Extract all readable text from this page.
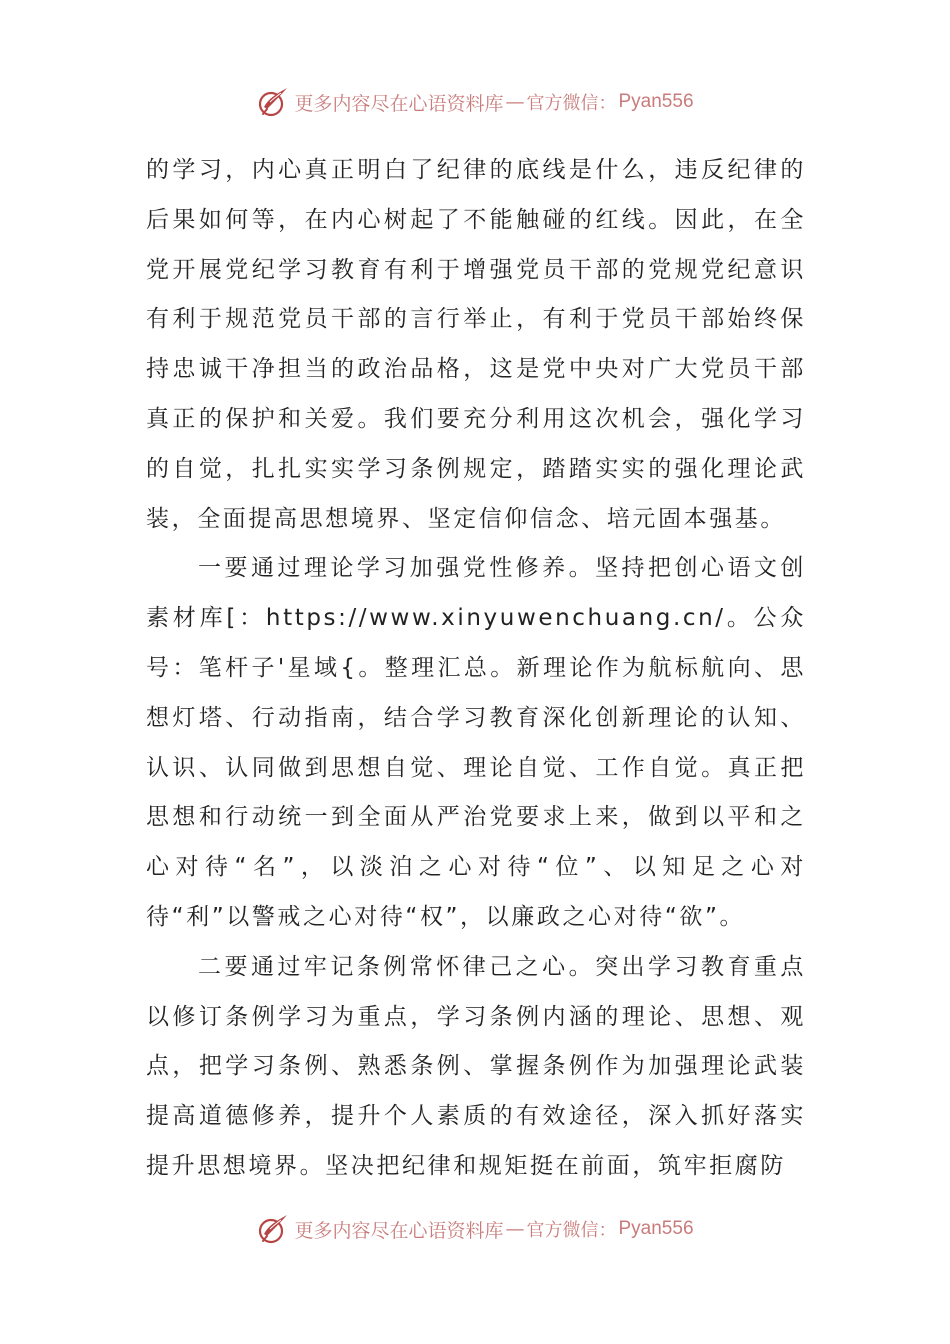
更多内容尽在心语资料库 — 官方微信： Pyan556

的学习，内心真正明白了纪律的底线是什么，违反纪律的后果如何等，在内心树起了不能触碰的红线。因此，在全党开展党纪学习教育有利于增强党员干部的党规党纪意识有利于规范党员干部的言行举止，有利于党员干部始终保持忠诚干净担当的政治品格，这是党中央对广大党员干部真正的保护和关爱。我们要充分利用这次机会，强化学习的自觉，扎扎实实学习条例规定，踏踏实实的强化理论武装，全面提高思想境界、坚定信仰信念、培元固本强基。

一要通过理论学习加强党性修养。坚持把创心语文创素材库[：https://www.xinyuwenchuang.cn/。公众号：笔杆子'星域{。整理汇总。新理论作为航标航向、思想灯塔、行动指南，结合学习教育深化创新理论的认知、认识、认同做到思想自觉、理论自觉、工作自觉。真正把思想和行动统一到全面从严治党要求上来，做到以平和之心对待“名”，以淡泊之心对待“位”、以知足之心对待“利”以警戒之心对待“权”，以廉政之心对待“欲”。

二要通过牢记条例常怀律己之心。突出学习教育重点以修订条例学习为重点，学习条例内涵的理论、思想、观点，把学习条例、熟悉条例、掌握条例作为加强理论武装提高道德修养，提升个人素质的有效途径，深入抓好落实提升思想境界。坚决把纪律和规矩挺在前面，筑牢拒腐防

更多内容尽在心语资料库 — 官方微信： Pyan556
